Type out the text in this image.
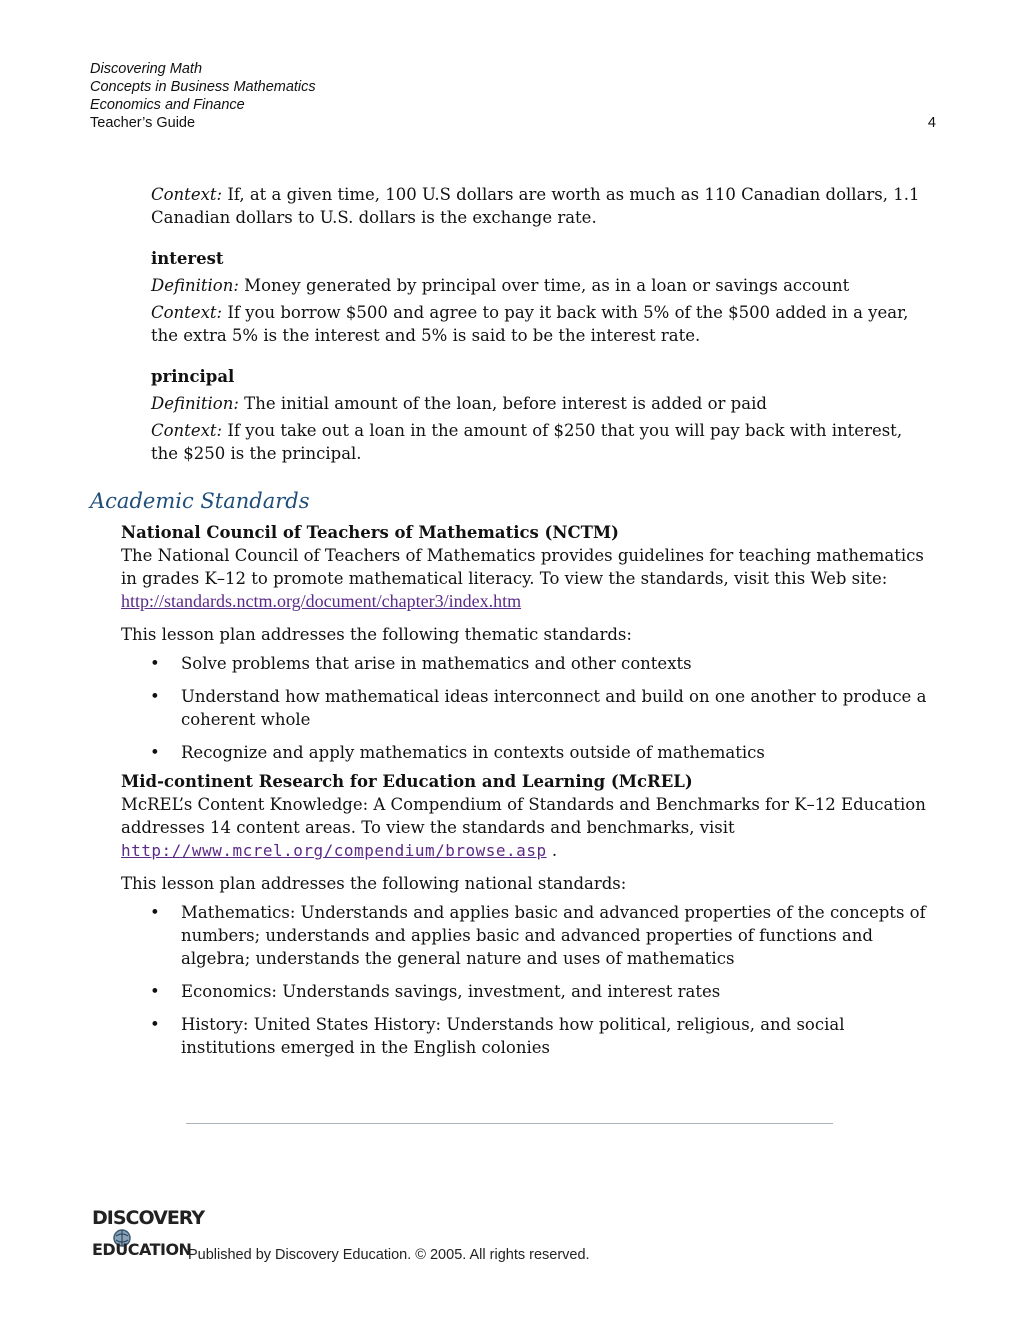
Discovering Math
Concepts in Business Mathematics
Economics and Finance
Teacher’s Guide	4

Context: If, at a given time, 100 U.S dollars are worth as much as 110 Canadian dollars, 1.1 Canadian dollars to U.S. dollars is the exchange rate.

interest

Definition: Money generated by principal over time, as in a loan or savings account

Context: If you borrow $500 and agree to pay it back with 5% of the $500 added in a year, the extra 5% is the interest and 5% is said to be the interest rate.

principal

Definition: The initial amount of the loan, before interest is added or paid

Context: If you take out a loan in the amount of $250 that you will pay back with interest, the $250 is the principal.

Academic Standards

National Council of Teachers of Mathematics (NCTM)

The National Council of Teachers of Mathematics provides guidelines for teaching mathematics in grades K–12 to promote mathematical literacy. To view the standards, visit this Web site:

http://standards.nctm.org/document/chapter3/index.htm

This lesson plan addresses the following thematic standards:

• Solve problems that arise in mathematics and other contexts
• Understand how mathematical ideas interconnect and build on one another to produce a coherent whole
• Recognize and apply mathematics in contexts outside of mathematics

Mid-continent Research for Education and Learning (McREL)

McREL’s Content Knowledge: A Compendium of Standards and Benchmarks for K–12 Education addresses 14 content areas. To view the standards and benchmarks, visit

http://www.mcrel.org/compendium/browse.asp .

This lesson plan addresses the following national standards:

• Mathematics: Understands and applies basic and advanced properties of the concepts of numbers; understands and applies basic and advanced properties of functions and algebra; understands the general nature and uses of mathematics
• Economics: Understands savings, investment, and interest rates
• History: United States History: Understands how political, religious, and social institutions emerged in the English colonies
DISCOVERY
EDUCATION
Published by Discovery Education. © 2005. All rights reserved.
